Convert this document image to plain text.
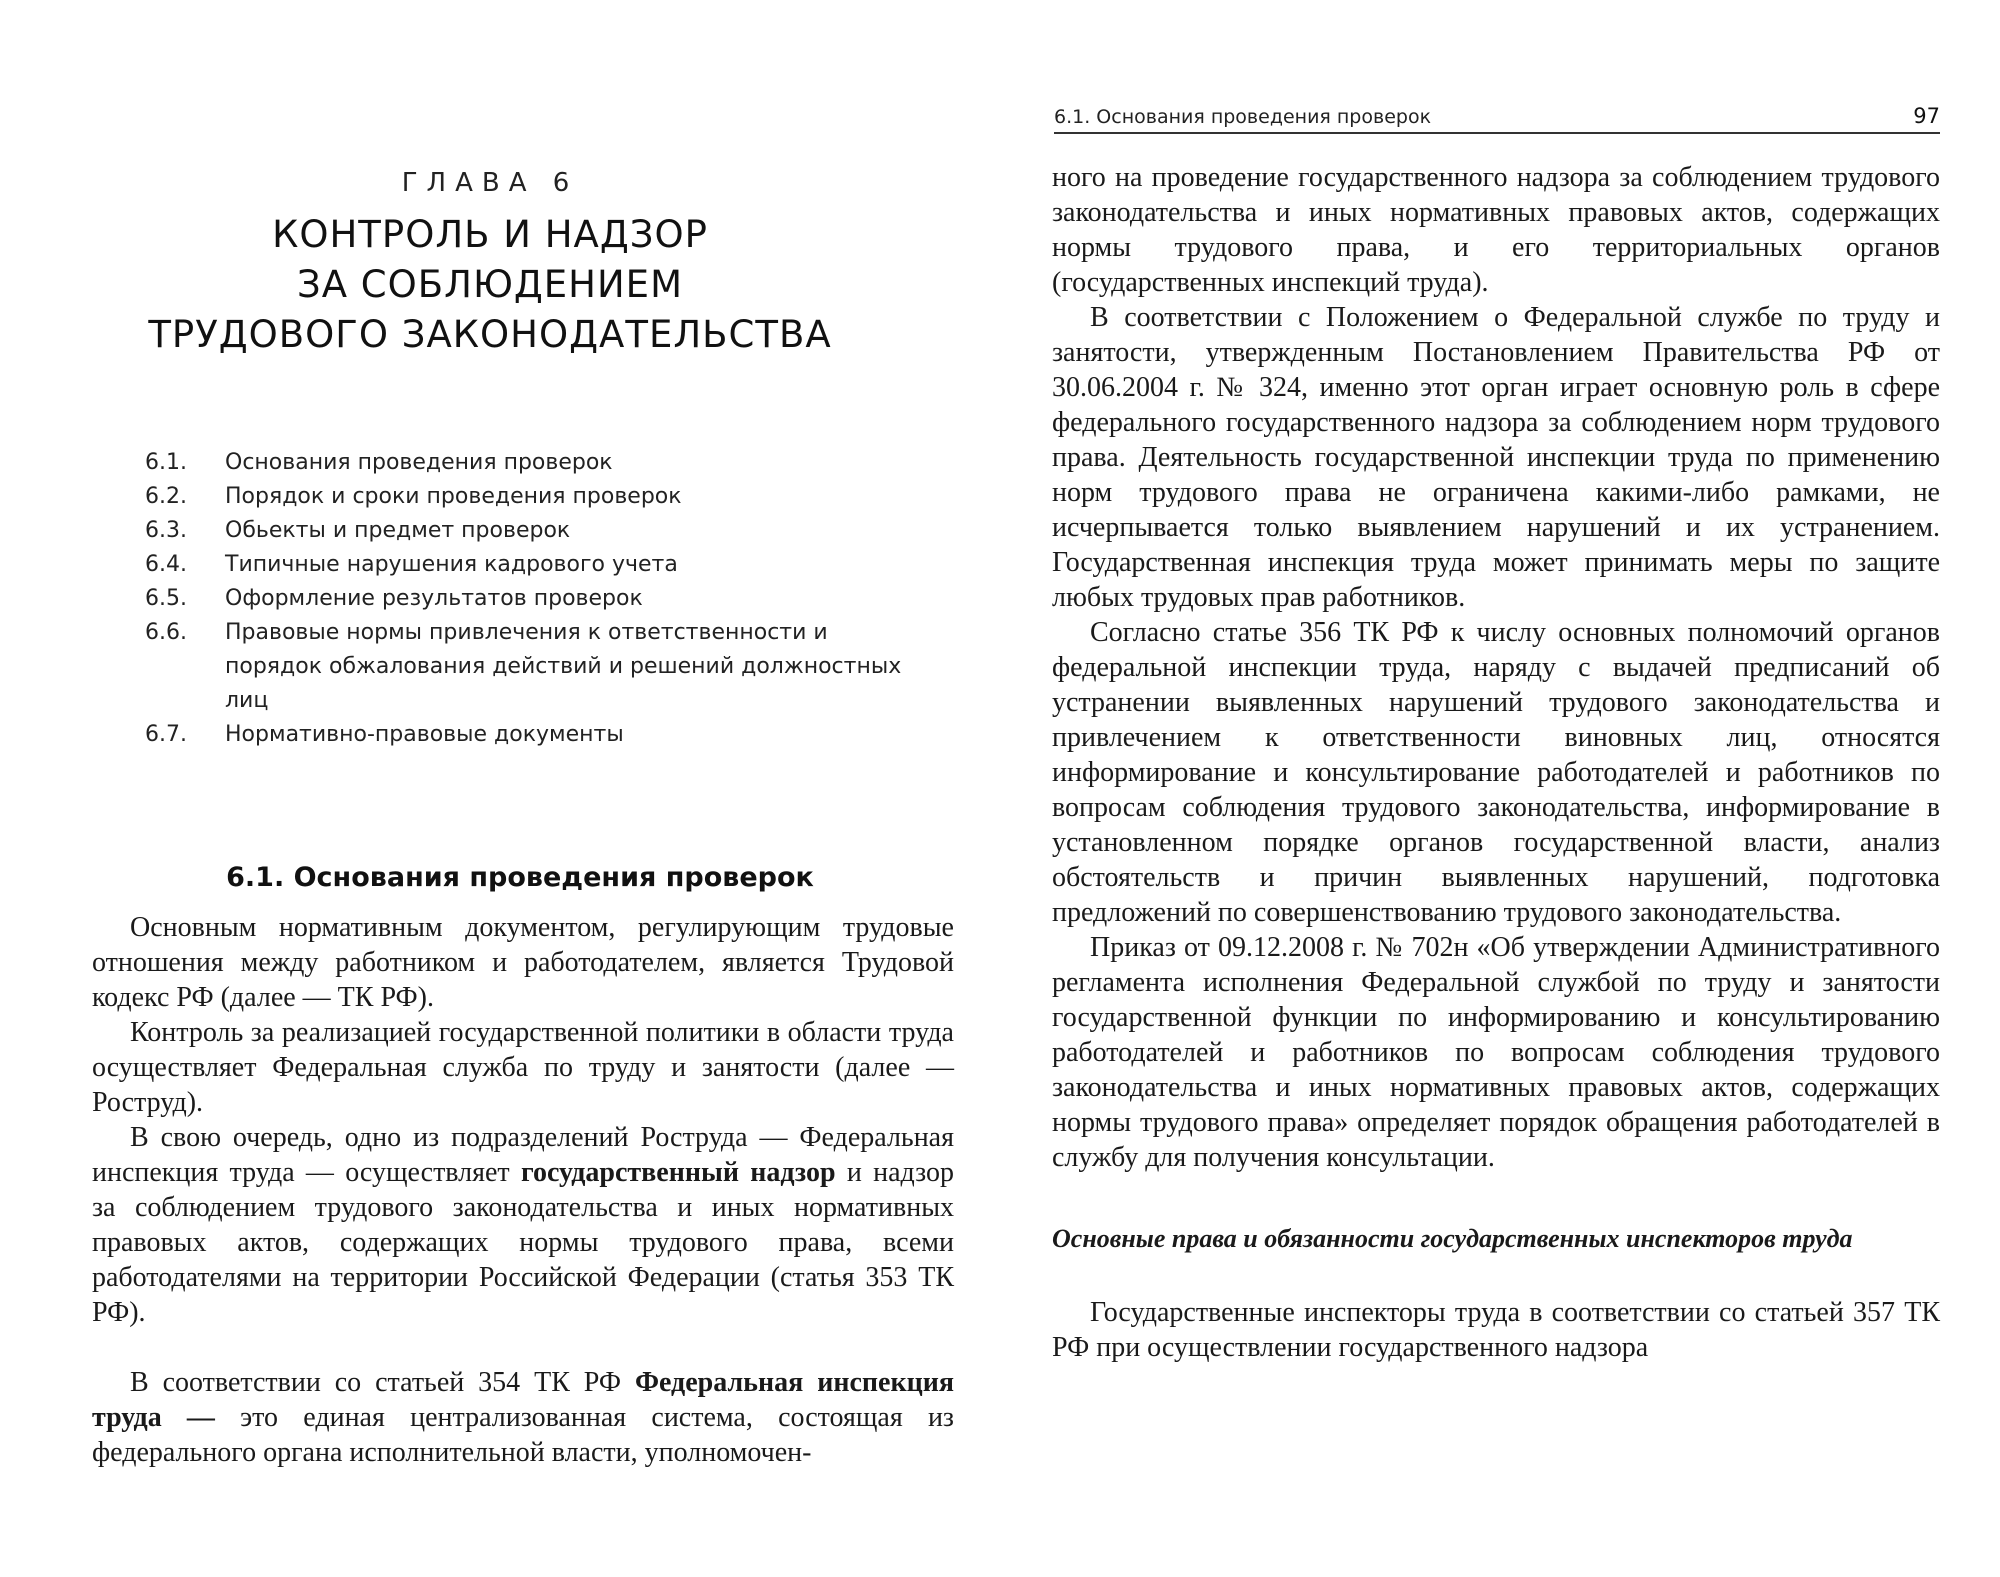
ГЛАВА 6
КОНТРОЛЬ И НАДЗОР
ЗА СОБЛЮДЕНИЕМ
ТРУДОВОГО ЗАКОНОДАТЕЛЬСТВА
6.1.	Основания проведения проверок
6.2.	Порядок и сроки проведения проверок
6.3.	Обьекты и предмет проверок
6.4.	Типичные нарушения кадрового учета
6.5.	Оформление результатов проверок
6.6.	Правовые нормы привлечения к ответственности и порядок обжалования действий и решений должностных лиц
6.7.	Нормативно-правовые документы
6.1. Основания проведения проверок

Основным нормативным документом, регулирующим трудовые отношения между работником и работодателем, является Трудовой кодекс РФ (далее — ТК РФ).

Контроль за реализацией государственной политики в области труда осуществляет Федеральная служба по труду и занятости (далее — Роструд).

В свою очередь, одно из подразделений Роструда — Федеральная инспекция труда — осуществляет государственный надзор и надзор за соблюдением трудового законодательства и иных нормативных правовых актов, содержащих нормы трудового права, всеми работодателями на территории Российской Федерации (статья 353 ТК РФ).

В соответствии со статьей 354 ТК РФ Федеральная инспекция труда — это единая централизованная система, состоящая из федерального органа исполнительной власти, уполномочен-

6.1. Основания проведения проверок	97

ного на проведение государственного надзора за соблюдением трудового законодательства и иных нормативных правовых актов, содержащих нормы трудового права, и его территориальных органов (государственных инспекций труда).

В соответствии с Положением о Федеральной службе по труду и занятости, утвержденным Постановлением Правительства РФ от 30.06.2004 г. № 324, именно этот орган играет основную роль в сфере федерального государственного надзора за соблюдением норм трудового права. Деятельность государственной инспекции труда по применению норм трудового права не ограничена какими-либо рамками, не исчерпывается только выявлением нарушений и их устранением. Государственная инспекция труда может принимать меры по защите любых трудовых прав работников.

Согласно статье 356 ТК РФ к числу основных полномочий органов федеральной инспекции труда, наряду с выдачей предписаний об устранении выявленных нарушений трудового законодательства и привлечением к ответственности виновных лиц, относятся информирование и консультирование работодателей и работников по вопросам соблюдения трудового законодательства, информирование в установленном порядке органов государственной власти, анализ обстоятельств и причин выявленных нарушений, подготовка предложений по совершенствованию трудового законодательства.

Приказ от 09.12.2008 г. № 702н «Об утверждении Административного регламента исполнения Федеральной службой по труду и занятости государственной функции по информированию и консультированию работодателей и работников по вопросам соблюдения трудового законодательства и иных нормативных правовых актов, содержащих нормы трудового права» определяет порядок обращения работодателей в службу для получения консультации.

Основные права и обязанности государственных инспекторов труда

Государственные инспекторы труда в соответствии со статьей 357 ТК РФ при осуществлении государственного надзора
